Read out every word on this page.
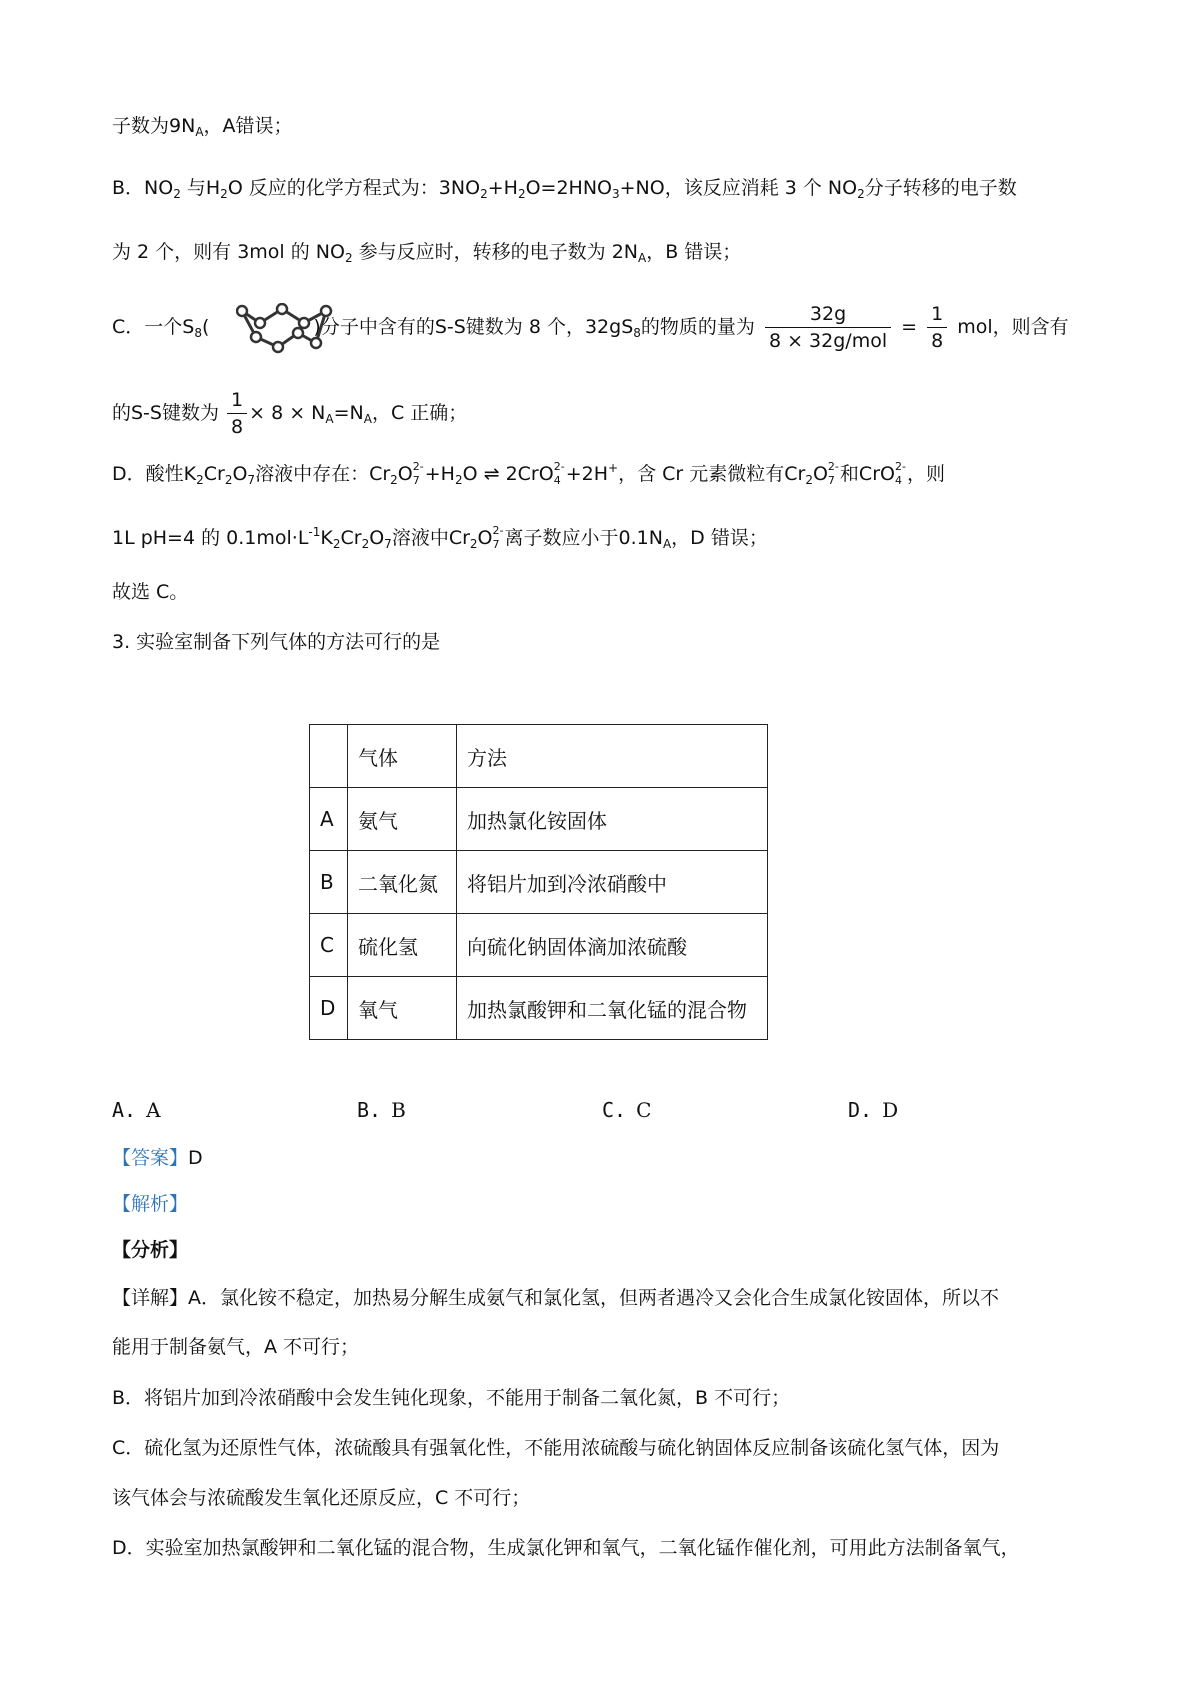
子数为$9N_A$，A错误；
B．$NO_2$ 与$H_2O$ 反应的化学方程式为：$3NO_2+H_2O=2HNO_3+NO$，该反应消耗 3 个 $NO_2$分子转移的电子数
为 2 个，则有 3mol 的 $NO_2$ 参与反应时，转移的电子数为 $2N_A$，B 错误；
C．一个$S_8$(	)分子中含有的S-S键数为 8 个，$32gS_8$的物质的量为 $\frac{32g}{\text{8 × 32g/mol}} = \frac{1}{8}$ mol，则含有
的S-S键数为 $\frac{1}{8} \times 8 \times N_A=N_A$，C 正确；
D．酸性$K_2Cr_2O_7$溶液中存在：$Cr_2O$ 2-
$7 +H_2O$ ⇌ 2CrO 2-
4 +2H+，含 Cr 元素微粒有$Cr_2O$ 2-
7 和CrO 2-
4 ，则
1L pH=4 的 $0.1mol\cdot L^{-1}K_2Cr_2O_7$溶液中$Cr_2O$ 2-
7 离子数应小于$0.1N_A$，D 错误；
故选 C。
3. 实验室制备下列气体的方法可行的是
	气体	方法
A	氨气	加热氯化铵固体
B	二氧化氮	将铝片加到冷浓硝酸中
C	硫化氢	向硫化钠固体滴加浓硫酸
D	氧气	加热氯酸钾和二氧化锰的混合物
A. A	B. B	C. C	D. D
【答案】D
【解析】
【分析】
【详解】A．氯化铵不稳定，加热易分解生成氨气和氯化氢，但两者遇冷又会化合生成氯化铵固体，所以不
能用于制备氨气，A 不可行；
B．将铝片加到冷浓硝酸中会发生钝化现象，不能用于制备二氧化氮，B 不可行；
C．硫化氢为还原性气体，浓硫酸具有强氧化性，不能用浓硫酸与硫化钠固体反应制备该硫化氢气体，因为
该气体会与浓硫酸发生氧化还原反应，C 不可行；
D．实验室加热氯酸钾和二氧化锰的混合物，生成氯化钾和氧气，二氧化锰作催化剂，可用此方法制备氧气，
